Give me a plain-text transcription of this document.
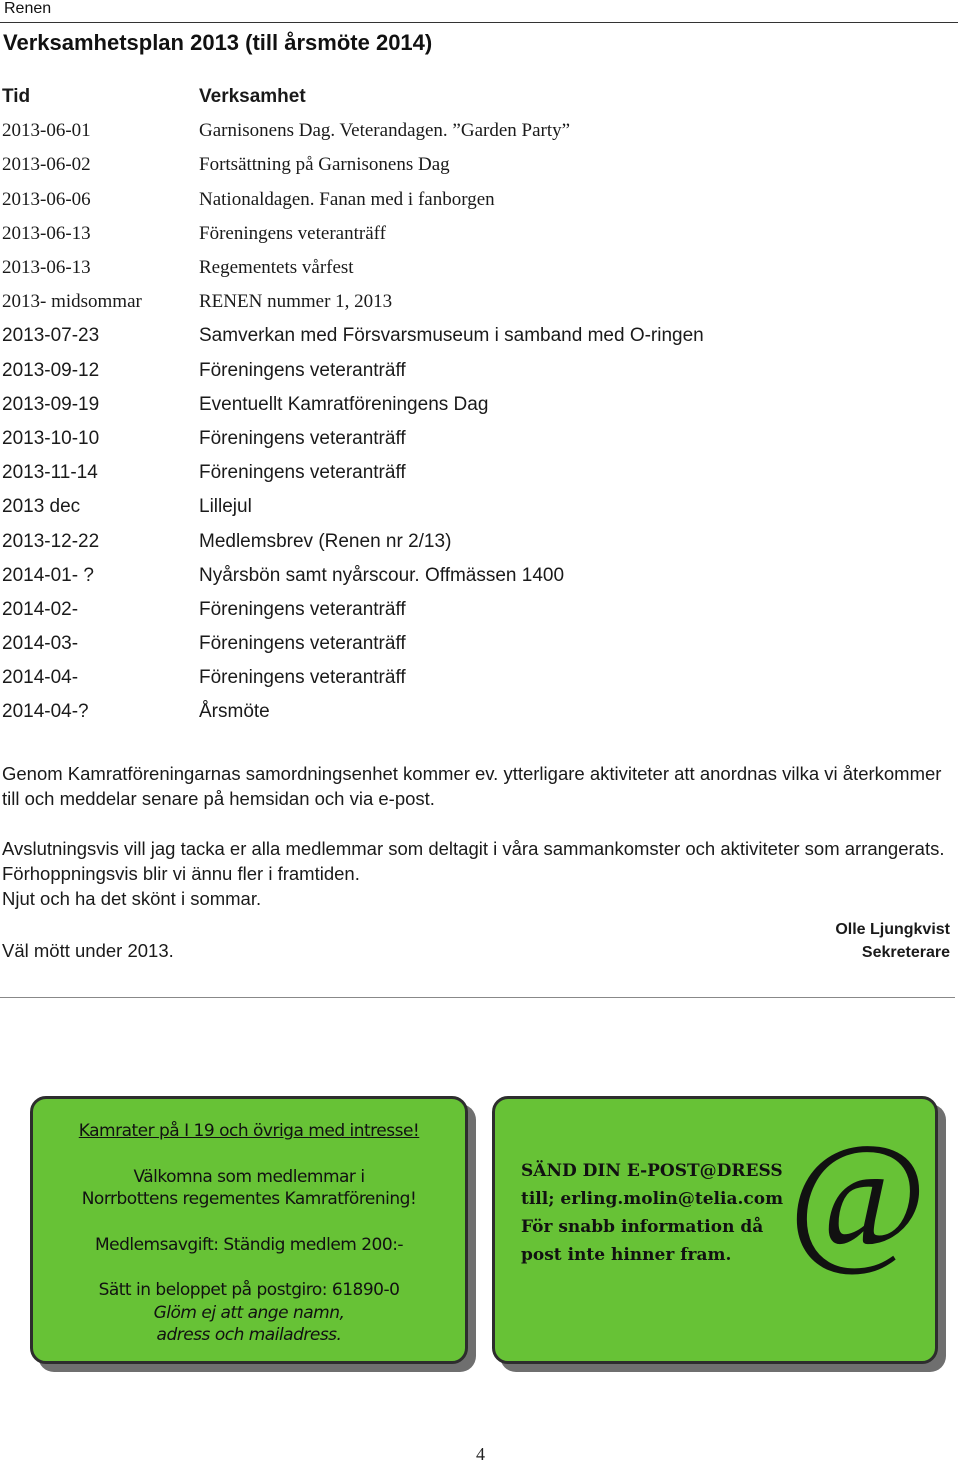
Renen
Verksamhetsplan 2013 (till årsmöte 2014)
Tid	Verksamhet
2013-06-01	Garnisonens Dag. Veterandagen. ”Garden Party”
2013-06-02	Fortsättning på Garnisonens Dag
2013-06-06	Nationaldagen. Fanan med i fanborgen
2013-06-13	Föreningens veteranträff
2013-06-13	Regementets vårfest
2013- midsommar	RENEN nummer 1, 2013
2013-07-23	Samverkan med Försvarsmuseum i samband med O-ringen
2013-09-12	Föreningens veteranträff
2013-09-19	Eventuellt Kamratföreningens Dag
2013-10-10	Föreningens veteranträff
2013-11-14	Föreningens veteranträff
2013 dec	Lillejul
2013-12-22	Medlemsbrev (Renen nr 2/13)
2014-01- ?	Nyårsbön samt nyårscour. Offmässen 1400
2014-02-	Föreningens veteranträff
2014-03-	Föreningens veteranträff
2014-04-	Föreningens veteranträff
2014-04-?	Årsmöte
Genom Kamratföreningarnas samordningsenhet kommer ev. ytterligare aktiviteter att anordnas vilka vi återkommer till och meddelar senare på hemsidan och via e-post.
Avslutningsvis vill jag tacka er alla medlemmar som deltagit i våra sammankomster och aktiviteter som arrangerats. Förhoppningsvis blir vi ännu fler i framtiden.
Njut och ha det skönt i sommar.
Väl mött under 2013.
Olle Ljungkvist
Sekreterare
Kamrater på I 19 och övriga med intresse!
Välkomna som medlemmar i
Norrbottens regementes Kamratförening!
Medlemsavgift: Ständig medlem 200:-
Sätt in beloppet på postgiro: 61890-0
Glöm ej att ange namn,
adress och mailadress.
SÄND DIN E-POST@DRESS
till; erling.molin@telia.com
För snabb information då
post inte hinner fram. @
4
